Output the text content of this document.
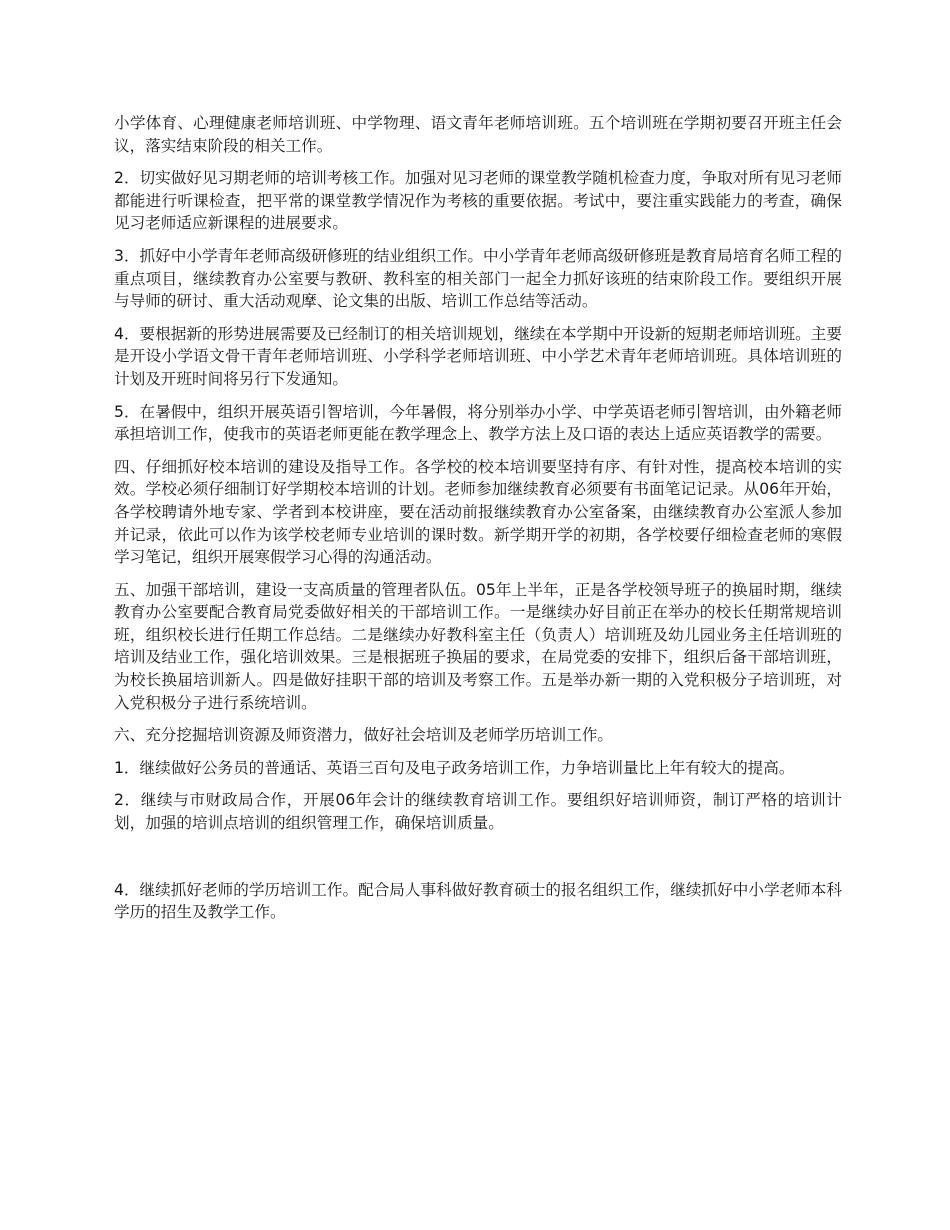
小学体育、心理健康老师培训班、中学物理、语文青年老师培训班。五个培训班在学期初要召开班主任会议，落实结束阶段的相关工作。

2．切实做好见习期老师的培训考核工作。加强对见习老师的课堂教学随机检查力度，争取对所有见习老师都能进行听课检查，把平常的课堂教学情况作为考核的重要依据。考试中，要注重实践能力的考查，确保见习老师适应新课程的进展要求。

3．抓好中小学青年老师高级研修班的结业组织工作。中小学青年老师高级研修班是教育局培育名师工程的重点项目，继续教育办公室要与教研、教科室的相关部门一起全力抓好该班的结束阶段工作。要组织开展与导师的研讨、重大活动观摩、论文集的出版、培训工作总结等活动。

4．要根据新的形势进展需要及已经制订的相关培训规划，继续在本学期中开设新的短期老师培训班。主要是开设小学语文骨干青年老师培训班、小学科学老师培训班、中小学艺术青年老师培训班。具体培训班的计划及开班时间将另行下发通知。

5．在暑假中，组织开展英语引智培训，今年暑假，将分别举办小学、中学英语老师引智培训，由外籍老师承担培训工作，使我市的英语老师更能在教学理念上、教学方法上及口语的表达上适应英语教学的需要。

四、仔细抓好校本培训的建设及指导工作。各学校的校本培训要坚持有序、有针对性，提高校本培训的实效。学校必须仔细制订好学期校本培训的计划。老师参加继续教育必须要有书面笔记记录。从06年开始，各学校聘请外地专家、学者到本校讲座，要在活动前报继续教育办公室备案，由继续教育办公室派人参加并记录，依此可以作为该学校老师专业培训的课时数。新学期开学的初期，各学校要仔细检查老师的寒假学习笔记，组织开展寒假学习心得的沟通活动。

五、加强干部培训，建设一支高质量的管理者队伍。05年上半年，正是各学校领导班子的换届时期，继续教育办公室要配合教育局党委做好相关的干部培训工作。一是继续办好目前正在举办的校长任期常规培训班，组织校长进行任期工作总结。二是继续办好教科室主任（负责人）培训班及幼儿园业务主任培训班的培训及结业工作，强化培训效果。三是根据班子换届的要求，在局党委的安排下，组织后备干部培训班，为校长换届培训新人。四是做好挂职干部的培训及考察工作。五是举办新一期的入党积极分子培训班，对入党积极分子进行系统培训。

六、充分挖掘培训资源及师资潜力，做好社会培训及老师学历培训工作。

1．继续做好公务员的普通话、英语三百句及电子政务培训工作，力争培训量比上年有较大的提高。

2．继续与市财政局合作，开展06年会计的继续教育培训工作。要组织好培训师资，制订严格的培训计划，加强的培训点培训的组织管理工作，确保培训质量。

4．继续抓好老师的学历培训工作。配合局人事科做好教育硕士的报名组织工作，继续抓好中小学老师本科学历的招生及教学工作。
